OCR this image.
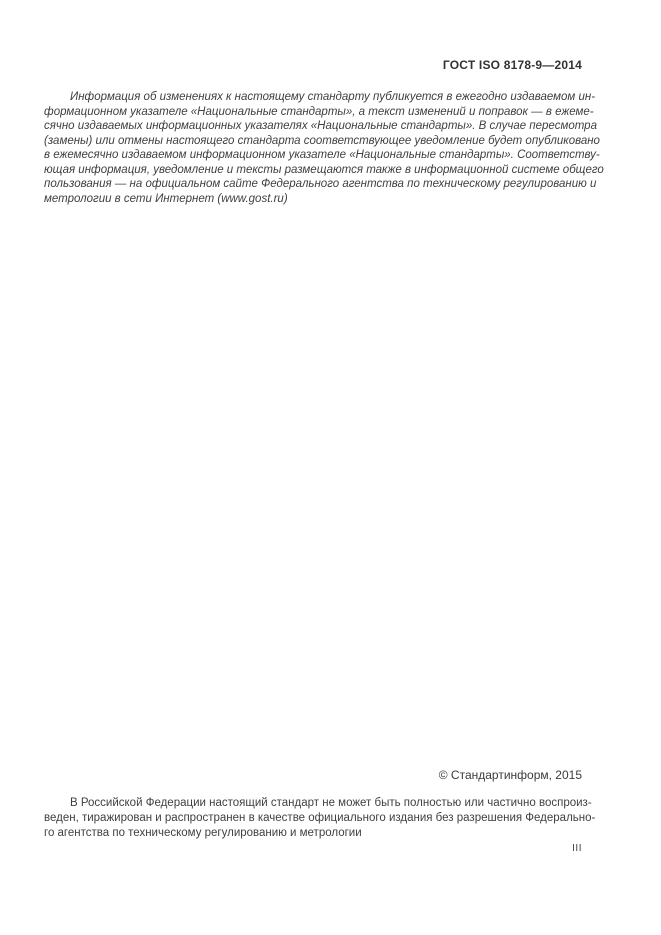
ГОСТ ISO 8178-9—2014
Информация об изменениях к настоящему стандарту публикуется в ежегодно издаваемом ин-
формационном указателе «Национальные стандарты», а текст изменений и поправок — в ежеме-
сячно издаваемых информационных указателях «Национальные стандарты». В случае пересмотра
(замены) или отмены настоящего стандарта соответствующее уведомление будет опубликовано
в ежемесячно издаваемом информационном указателе «Национальные стандарты». Соответству-
ющая информация, уведомление и тексты размещаются также в информационной системе общего
пользования — на официальном сайте Федерального агентства по техническому регулированию и
метрологии в сети Интернет (www.gost.ru)
© Стандартинформ, 2015
В Российской Федерации настоящий стандарт не может быть полностью или частично воспроиз-
веден, тиражирован и распространен в качестве официального издания без разрешения Федерально-
го агентства по техническому регулированию и метрологии
III
